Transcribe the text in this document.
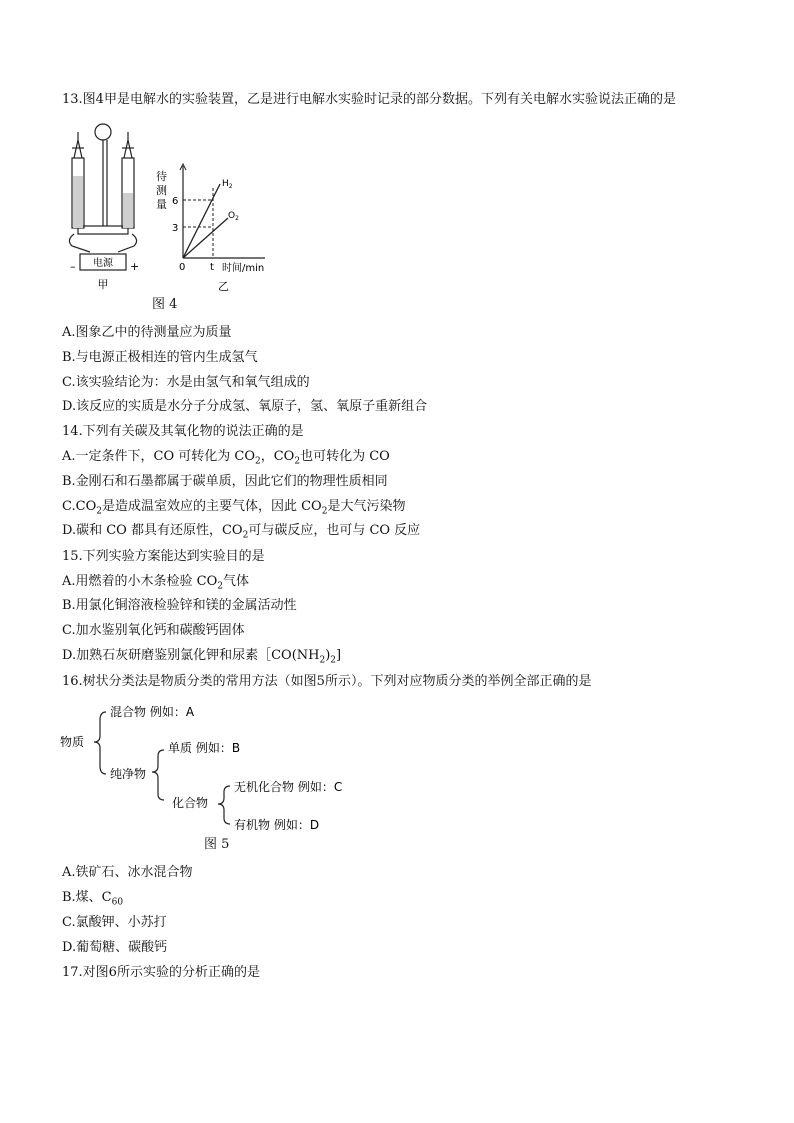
13.图4甲是电解水的实验装置，乙是进行电解水实验时记录的部分数据。下列有关电解水实验说法正确的是
电源
–	+
甲
待
测
量 6
3
0 t 时间/min
$H_2$
$O_2$
乙
图 4
A.图象乙中的待测量应为质量
B.与电源正极相连的管内生成氢气
C.该实验结论为：水是由氢气和氧气组成的
D.该反应的实质是水分子分成氢、氧原子，氢、氧原子重新组合
14.下列有关碳及其氧化物的说法正确的是
A.一定条件下，CO 可转化为 $CO_2$，$CO_2$也可转化为 CO
B.金刚石和石墨都属于碳单质，因此它们的物理性质相同
$C.CO_2$是造成温室效应的主要气体，因此 $CO_2$是大气污染物
D.碳和 CO 都具有还原性，$CO_2$可与碳反应，也可与 CO 反应
15.下列实验方案能达到实验目的是
A.用燃着的小木条检验 $CO_2$气体
B.用氯化铜溶液检验锌和镁的金属活动性
C.加水鉴别氧化钙和碳酸钙固体
D.加熟石灰研磨鉴别氯化钾和尿素$[CO(NH_2)_2$]
16.树状分类法是物质分类的常用方法（如图5所示）。下列对应物质分类的举例全部正确的是
物质
混合物 例如：A
纯净物
单质 例如：B
化合物
无机化合物 例如：C
有机物 例如：D
图 5
A.铁矿石、冰水混合物
B.煤、$C_{60}$
C.氯酸钾、小苏打
D.葡萄糖、碳酸钙
17.对图6所示实验的分析正确的是
